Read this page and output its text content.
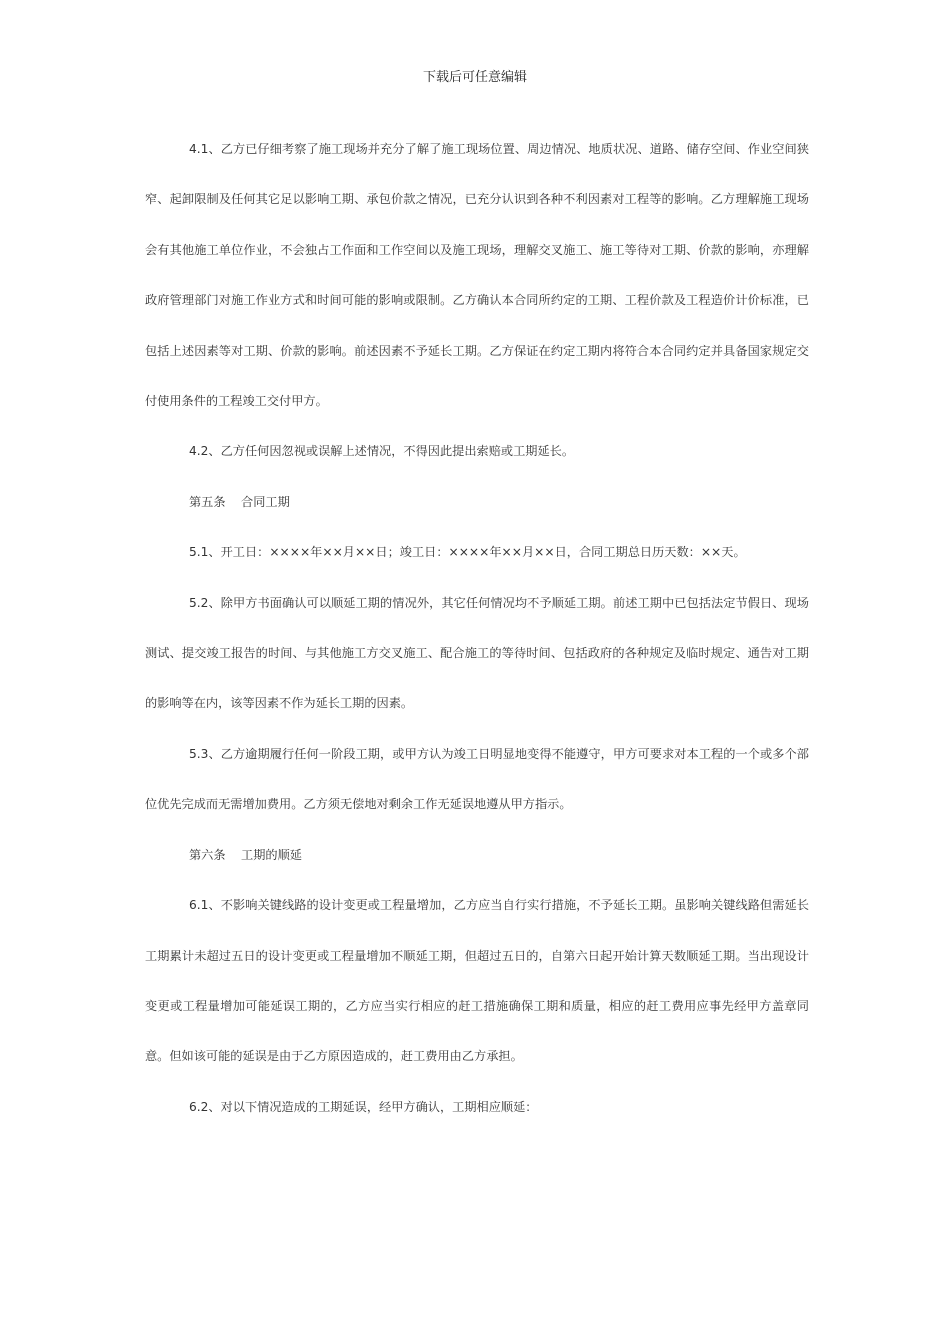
下载后可任意编辑

4.1、乙方已仔细考察了施工现场并充分了解了施工现场位置、周边情况、地质状况、道路、储存空间、作业空间狭窄、起卸限制及任何其它足以影响工期、承包价款之情况，已充分认识到各种不利因素对工程等的影响。乙方理解施工现场会有其他施工单位作业，不会独占工作面和工作空间以及施工现场，理解交叉施工、施工等待对工期、价款的影响，亦理解政府管理部门对施工作业方式和时间可能的影响或限制。乙方确认本合同所约定的工期、工程价款及工程造价计价标准，已包括上述因素等对工期、价款的影响。前述因素不予延长工期。乙方保证在约定工期内将符合本合同约定并具备国家规定交付使用条件的工程竣工交付甲方。

4.2、乙方任何因忽视或误解上述情况，不得因此提出索赔或工期延长。

第五条    合同工期

5.1、开工日：××××年××月××日；竣工日：××××年××月××日，合同工期总日历天数：××天。

5.2、除甲方书面确认可以顺延工期的情况外，其它任何情况均不予顺延工期。前述工期中已包括法定节假日、现场测试、提交竣工报告的时间、与其他施工方交叉施工、配合施工的等待时间、包括政府的各种规定及临时规定、通告对工期的影响等在内，该等因素不作为延长工期的因素。

5.3、乙方逾期履行任何一阶段工期，或甲方认为竣工日明显地变得不能遵守，甲方可要求对本工程的一个或多个部位优先完成而无需增加费用。乙方须无偿地对剩余工作无延误地遵从甲方指示。

第六条    工期的顺延

6.1、不影响关键线路的设计变更或工程量增加，乙方应当自行实行措施，不予延长工期。虽影响关键线路但需延长工期累计未超过五日的设计变更或工程量增加不顺延工期，但超过五日的，自第六日起开始计算天数顺延工期。当出现设计变更或工程量增加可能延误工期的，乙方应当实行相应的赶工措施确保工期和质量，相应的赶工费用应事先经甲方盖章同意。但如该可能的延误是由于乙方原因造成的，赶工费用由乙方承担。

6.2、对以下情况造成的工期延误，经甲方确认，工期相应顺延：
